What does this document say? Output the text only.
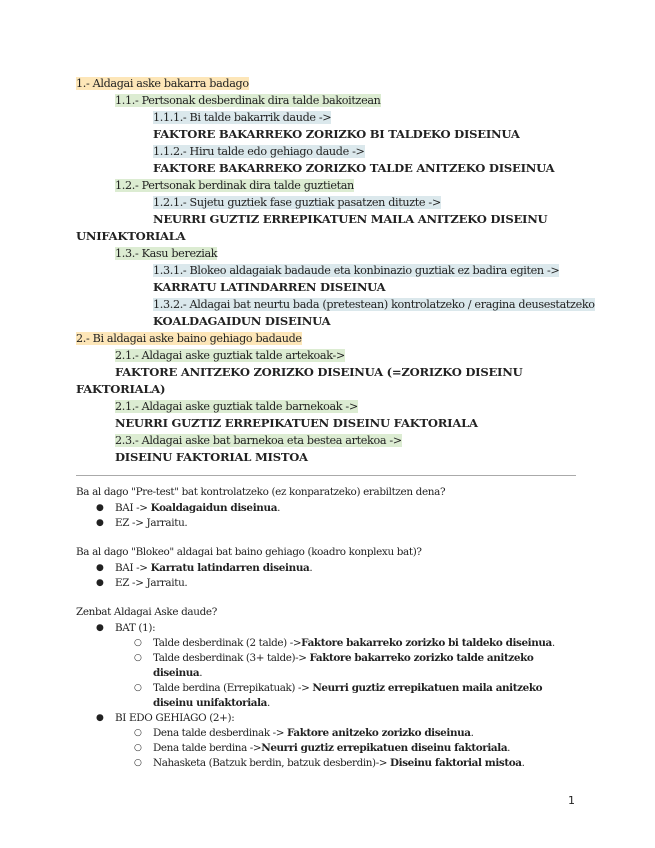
1.- Aldagai aske bakarra badago
1.1.- Pertsonak desberdinak dira talde bakoitzean
1.1.1.- Bi talde bakarrik daude ->
FAKTORE BAKARREKO ZORIZKO BI TALDEKO DISEINUA
1.1.2.- Hiru talde edo gehiago daude ->
FAKTORE BAKARREKO ZORIZKO TALDE ANITZEKO DISEINUA
1.2.- Pertsonak berdinak dira talde guztietan
1.2.1.- Sujetu guztiek fase guztiak pasatzen dituzte ->
NEURRI GUZTIZ ERREPIKATUEN MAILA ANITZEKO DISEINU UNIFAKTORIALA
1.3.- Kasu bereziak
1.3.1.- Blokeo aldagaiak badaude eta konbinazio guztiak ez badira egiten ->
KARRATU LATINDARREN DISEINUA
1.3.2.- Aldagai bat neurtu bada (pretestean) kontrolatzeko / eragina deusestatzeko
KOALDAGAIDUN DISEINUA
2.- Bi aldagai aske baino gehiago badaude
2.1.- Aldagai aske guztiak talde artekoak->
FAKTORE ANITZEKO ZORIZKO DISEINUA (=ZORIZKO DISEINU FAKTORIALA)
2.1.- Aldagai aske guztiak talde barnekoak ->
NEURRI GUZTIZ ERREPIKATUEN DISEINU FAKTORIALA
2.3.- Aldagai aske bat barnekoa eta bestea artekoa ->
DISEINU FAKTORIAL MISTOA
Ba al dago "Pre-test" bat kontrolatzeko (ez konparatzeko) erabiltzen dena?
● BAI -> Koaldagaidun diseinua.
● EZ -> Jarraitu.
Ba al dago "Blokeo" aldagai bat baino gehiago (koadro konplexu bat)?
● BAI -> Karratu latindarren diseinua.
● EZ -> Jarraitu.
Zenbat Aldagai Aske daude?
● BAT (1):
○ Talde desberdinak (2 talde) ->Faktore bakarreko zorizko bi taldeko diseinua.
○ Talde desberdinak (3+ talde)-> Faktore bakarreko zorizko talde anitzeko diseinua.
○ Talde berdina (Errepikatuak) -> Neurri guztiz errepikatuen maila anitzeko diseinu unifaktoriala.
● BI EDO GEHIAGO (2+):
○ Dena talde desberdinak -> Faktore anitzeko zorizko diseinua.
○ Dena talde berdina ->Neurri guztiz errepikatuen diseinu faktoriala.
○ Nahasketa (Batzuk berdin, batzuk desberdin)-> Diseinu faktorial mistoa.
1
